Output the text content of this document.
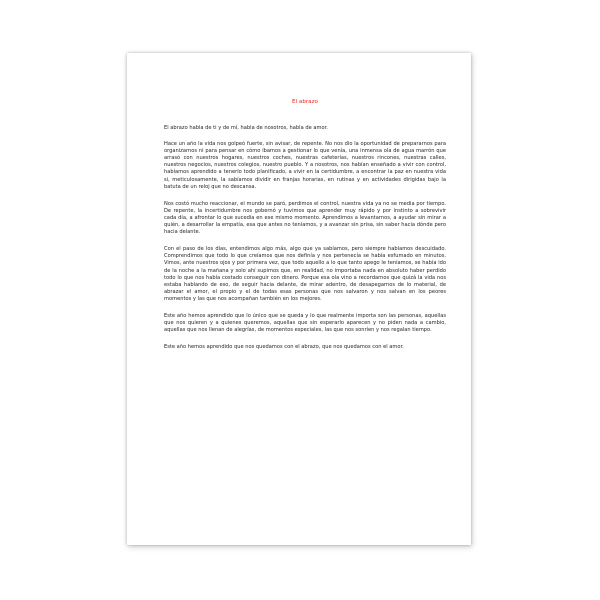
El abrazo

El abrazo habla de ti y de mí, habla de nosotros, habla de amor.

Hace un año la vida nos golpeó fuerte, sin avisar, de repente. No nos dio la oportunidad de prepararnos para organizarnos ni para pensar en cómo íbamos a gestionar lo que venía, una inmensa ola de agua marrón que arrasó con nuestros hogares, nuestros coches, nuestras cafeterías, nuestros rincones, nuestras calles, nuestros negocios, nuestros colegios, nuestro pueblo. Y a nosotros, nos habían enseñado a vivir con control, habíamos aprendido a tenerlo todo planificado, a vivir en la certidumbre, a encontrar la paz en nuestra vida si, meticulosamente, la sabíamos dividir en franjas horarias, en rutinas y en actividades dirigidas bajo la batuta de un reloj que no descansa.

Nos costó mucho reaccionar, el mundo se paró, perdimos el control, nuestra vida ya no se media por tiempo. De repente, la incertidumbre nos gobernó y tuvimos que aprender muy rápido y por instinto a sobrevivir cada día, a afrontar lo que sucedía en ese mismo momento. Aprendimos a levantarnos, a ayudar sin mirar a quién, a desarrollar la empatía, esa que antes no teníamos, y a avanzar sin prisa, sin saber hacia dónde pero hacia delante.

Con el paso de los días, entendimos algo más, algo que ya sabíamos, pero siempre hablamos descuidado. Comprendimos que todo lo que creíamos que nos definía y nos pertenecía se había esfumado en minutos. Vimos, ante nuestros ojos y por primera vez, que todo aquello a lo que tanto apego le teníamos, se había ido de la noche a la mañana y solo ahí supimos que, en realidad, no importaba nada en absoluto haber perdido todo lo que nos había costado conseguir con dinero. Porque esa ola vino a recordarnos que quizá la vida nos estaba hablando de eso, de seguir hacia delante, de mirar adentro, de desapegarnos de lo material, de abrazar el amor, el propio y el de todas esas personas que nos salvaron y nos salvan en los peores momentos y las que nos acompañan también en los mejores.

Este año hemos aprendido que lo único que se queda y lo que realmente importa son las personas, aquellas que nos quieren y a quienes queremos, aquellas que sin esperarlo aparecen y no piden nada a cambio, aquellas que nos llenan de alegrías, de momentos especiales, las que nos sonríen y nos regalan tiempo.

Este año hemos aprendido que nos quedamos con el abrazo, que nos quedamos con el amor.
